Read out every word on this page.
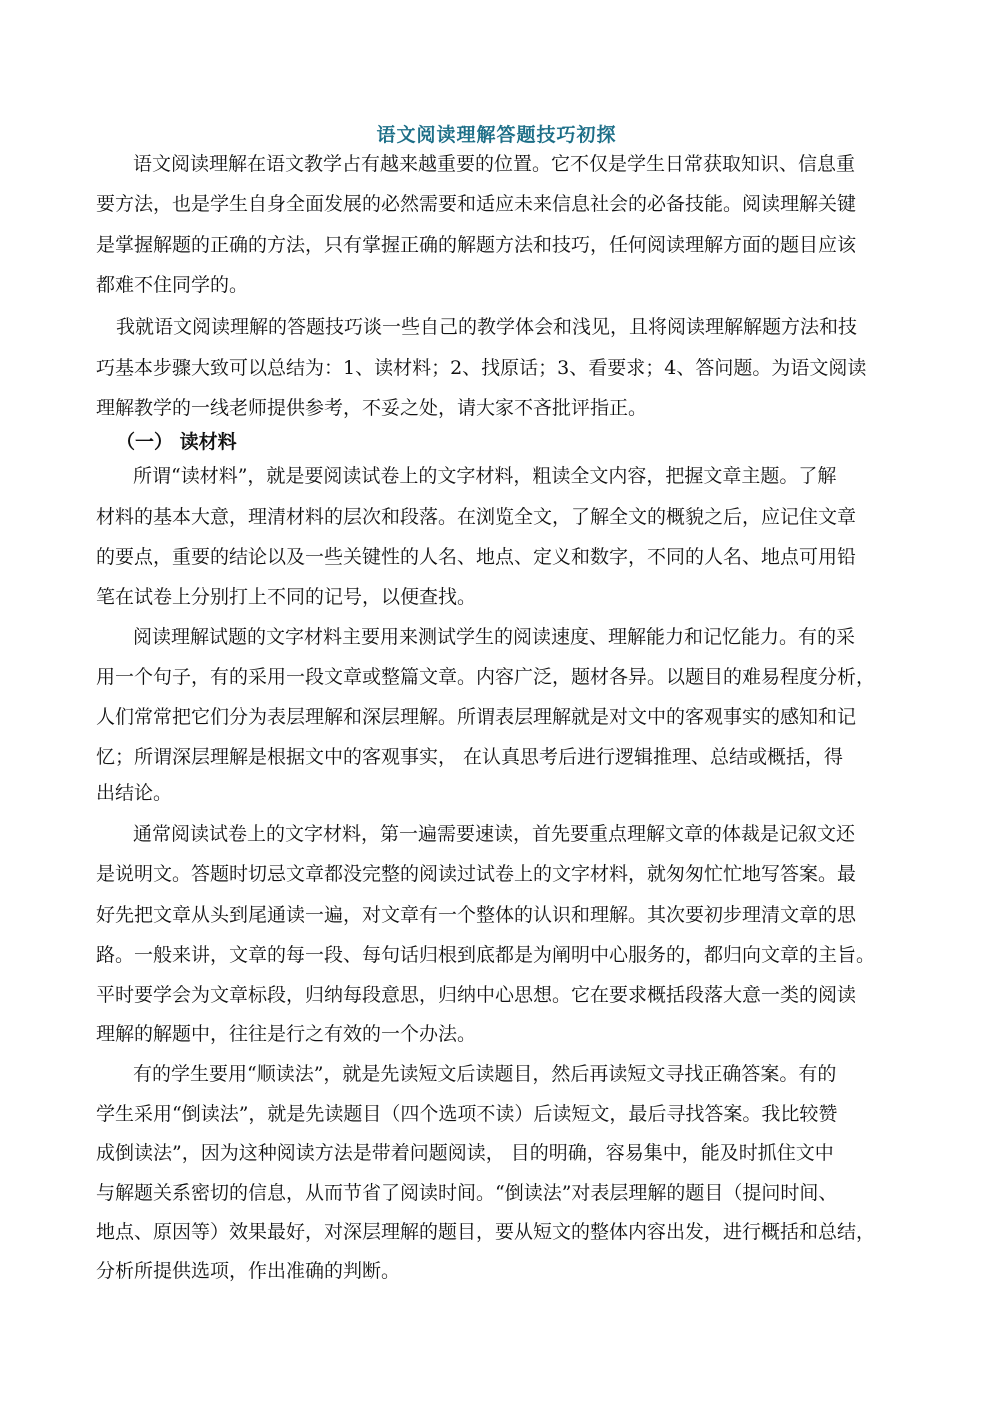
语文阅读理解答题技巧初探

语文阅读理解在语文教学占有越来越重要的位置。它不仅是学生日常获取知识、信息重

要方法，也是学生自身全面发展的必然需要和适应未来信息社会的必备技能。阅读理解关键

是掌握解题的正确的方法，只有掌握正确的解题方法和技巧，任何阅读理解方面的题目应该

都难不住同学的。

我就语文阅读理解的答题技巧谈一些自己的教学体会和浅见，且将阅读理解解题方法和技

巧基本步骤大致可以总结为：1、读材料；2、找原话；3、看要求；4、答问题。为语文阅读

理解教学的一线老师提供参考，不妥之处，请大家不吝批评指正。

（一） 读材料

所谓“读材料”，就是要阅读试卷上的文字材料，粗读全文内容，把握文章主题。了解

材料的基本大意，理清材料的层次和段落。在浏览全文，了解全文的概貌之后，应记住文章

的要点，重要的结论以及一些关键性的人名、地点、定义和数字，不同的人名、地点可用铅

笔在试卷上分别打上不同的记号，以便查找。

阅读理解试题的文字材料主要用来测试学生的阅读速度、理解能力和记忆能力。有的采

用一个句子，有的采用一段文章或整篇文章。内容广泛，题材各异。以题目的难易程度分析，

人们常常把它们分为表层理解和深层理解。所谓表层理解就是对文中的客观事实的感知和记

忆；所谓深层理解是根据文中的客观事实， 在认真思考后进行逻辑推理、总结或概括，得

出结论。

通常阅读试卷上的文字材料，第一遍需要速读，首先要重点理解文章的体裁是记叙文还

是说明文。答题时切忌文章都没完整的阅读过试卷上的文字材料，就匆匆忙忙地写答案。最

好先把文章从头到尾通读一遍，对文章有一个整体的认识和理解。其次要初步理清文章的思

路。一般来讲，文章的每一段、每句话归根到底都是为阐明中心服务的，都归向文章的主旨。

平时要学会为文章标段，归纳每段意思，归纳中心思想。它在要求概括段落大意一类的阅读

理解的解题中，往往是行之有效的一个办法。

有的学生要用“顺读法”，就是先读短文后读题目，然后再读短文寻找正确答案。有的

学生采用“倒读法”，就是先读题目（四个选项不读）后读短文，最后寻找答案。我比较赞

成倒读法”，因为这种阅读方法是带着问题阅读， 目的明确，容易集中，能及时抓住文中

与解题关系密切的信息，从而节省了阅读时间。“倒读法”对表层理解的题目（提问时间、

地点、原因等）效果最好，对深层理解的题目，要从短文的整体内容出发，进行概括和总结，

分析所提供选项，作出准确的判断。
